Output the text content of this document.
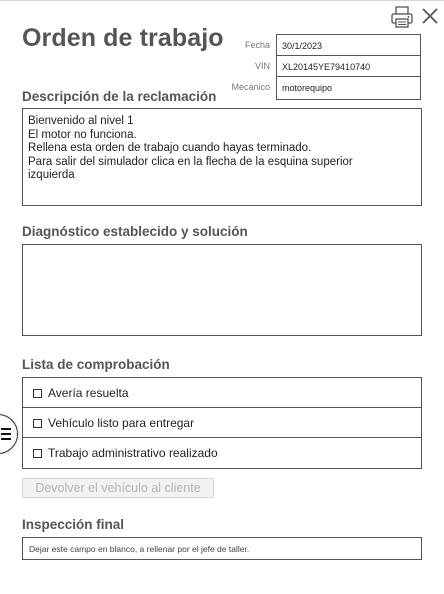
Orden de trabajo	Fecha	30/1/2023
VIN	XL20145YE79410740
Mecánico	motorequipo
Descripción de la reclamación

Bienvenido al nivel 1

El motor no funciona.

Rellena esta orden de trabajo cuando hayas terminado.

Para salir del simulador clica en la flecha de la esquina superior

izquierda

Diagnóstico establecido y solución
Lista de comprobación
Avería resuelta
Vehículo listo para entregar
Trabajo administrativo realizado
Devolver el vehículo al cliente
Inspección final
Dejar este campo en blanco, a rellenar por el jefe de taller.
